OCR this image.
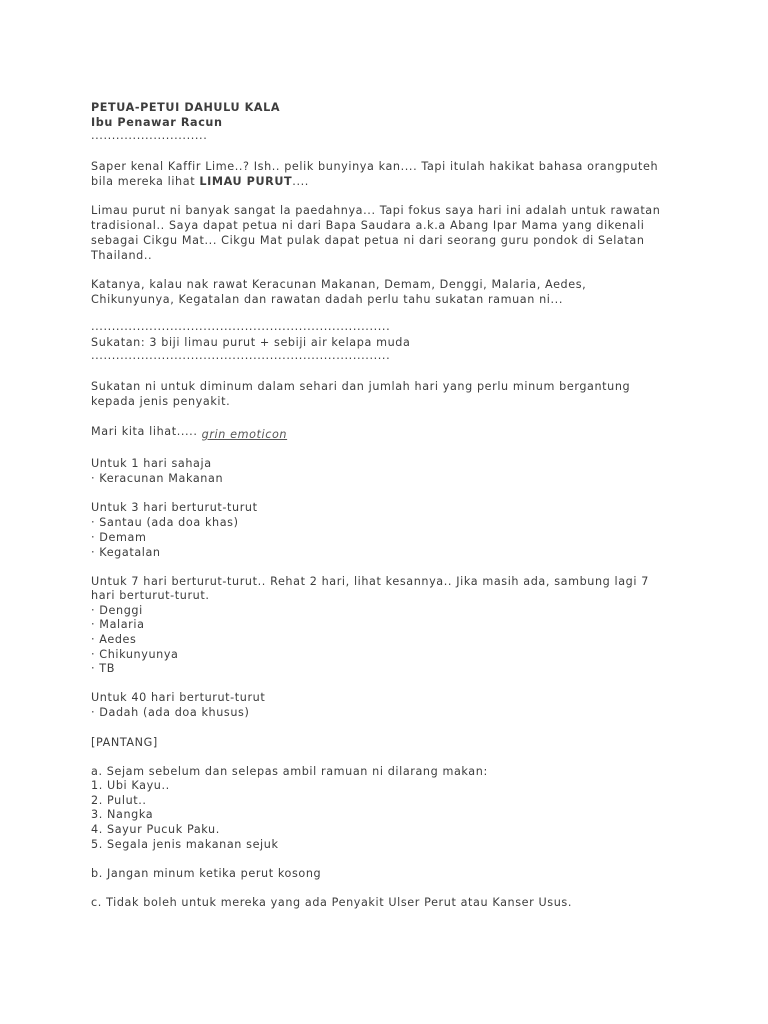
PETUA-PETUI DAHULU KALA
Ibu Penawar Racun
............................
Saper kenal Kaffir Lime..? Ish.. pelik bunyinya kan.... Tapi itulah hakikat bahasa orangputeh
bila mereka lihat LIMAU PURUT....
Limau purut ni banyak sangat la paedahnya... Tapi fokus saya hari ini adalah untuk rawatan
tradisional.. Saya dapat petua ni dari Bapa Saudara a.k.a Abang Ipar Mama yang dikenali
sebagai Cikgu Mat... Cikgu Mat pulak dapat petua ni dari seorang guru pondok di Selatan
Thailand..
Katanya, kalau nak rawat Keracunan Makanan, Demam, Denggi, Malaria, Aedes,
Chikunyunya, Kegatalan dan rawatan dadah perlu tahu sukatan ramuan ni...
........................................................................
Sukatan: 3 biji limau purut + sebiji air kelapa muda
........................................................................
Sukatan ni untuk diminum dalam sehari dan jumlah hari yang perlu minum bergantung
kepada jenis penyakit.
Mari kita lihat..... grin emoticon
Untuk 1 hari sahaja
· Keracunan Makanan
Untuk 3 hari berturut-turut
· Santau (ada doa khas)
· Demam
· Kegatalan
Untuk 7 hari berturut-turut.. Rehat 2 hari, lihat kesannya.. Jika masih ada, sambung lagi 7
hari berturut-turut.
· Denggi
· Malaria
· Aedes
· Chikunyunya
· TB
Untuk 40 hari berturut-turut
· Dadah (ada doa khusus)
[PANTANG]
a. Sejam sebelum dan selepas ambil ramuan ni dilarang makan:
1. Ubi Kayu..
2. Pulut..
3. Nangka
4. Sayur Pucuk Paku.
5. Segala jenis makanan sejuk
b. Jangan minum ketika perut kosong
c. Tidak boleh untuk mereka yang ada Penyakit Ulser Perut atau Kanser Usus.
